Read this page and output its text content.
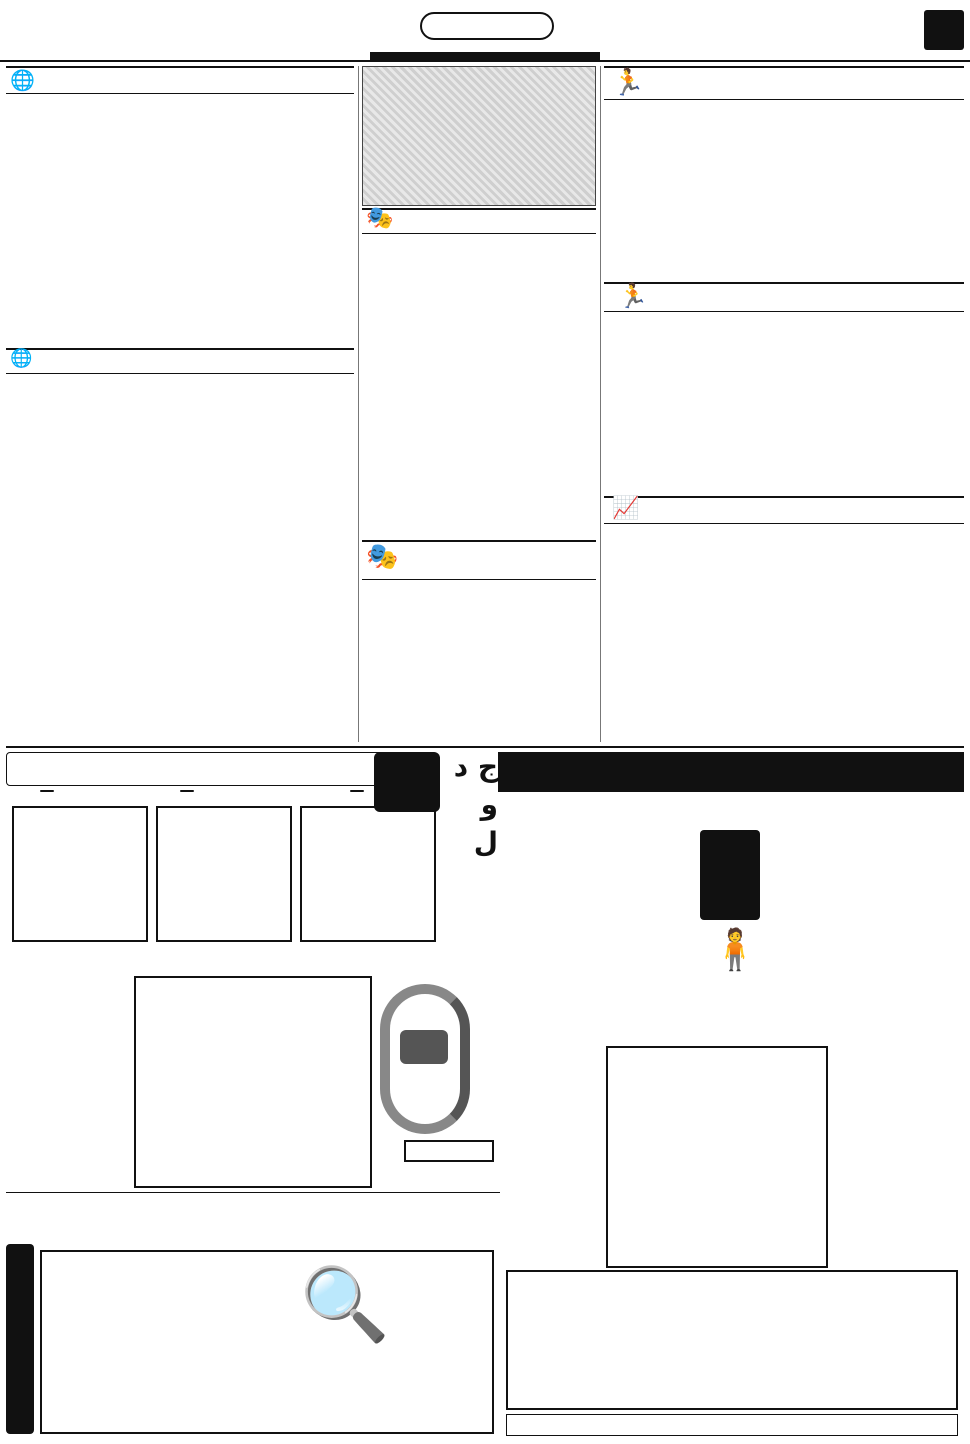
🏃
🏃
📈
🎭
🎭
🌐
🌐
ج د
و ل
🧍
🔍
